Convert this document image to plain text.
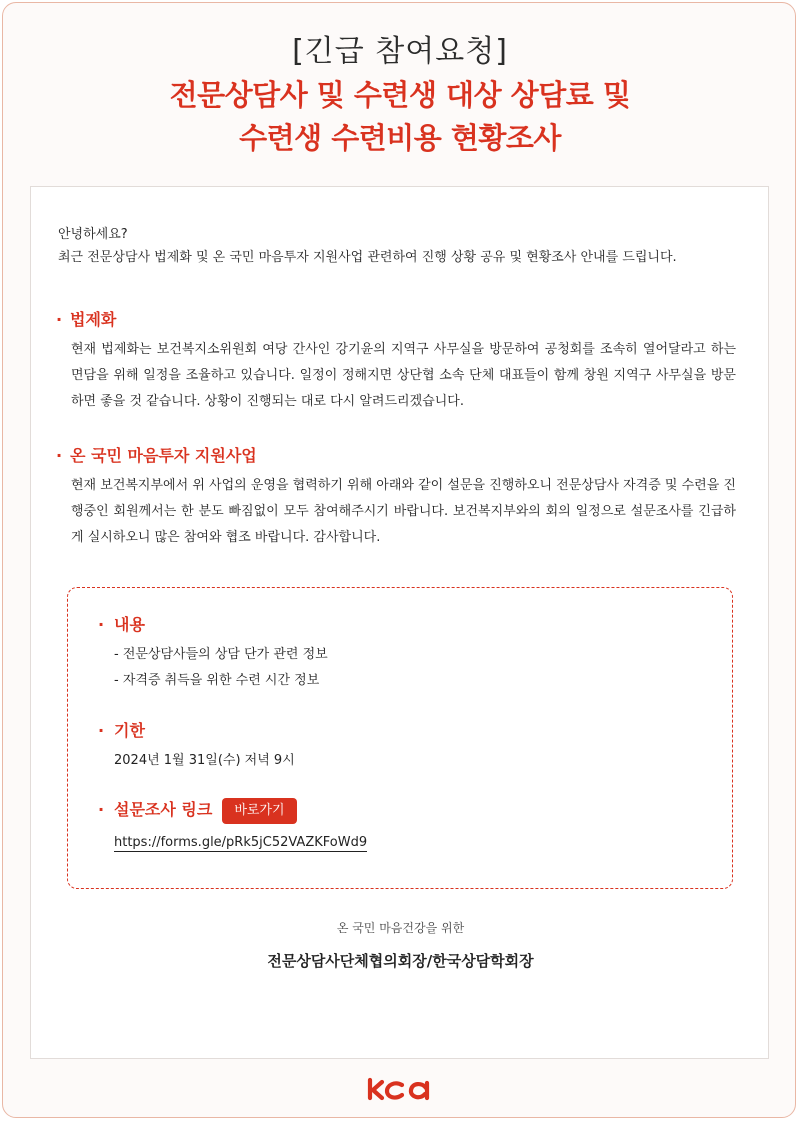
[긴급 참여요청]
전문상담사 및 수련생 대상 상담료 및
수련생 수련비용 현황조사
안녕하세요?
최근 전문상담사 법제화 및 온 국민 마음투자 지원사업 관련하여 진행 상황 공유 및 현황조사 안내를 드립니다.
· 법제화
현재 법제화는 보건복지소위원회 여당 간사인 강기윤의 지역구 사무실을 방문하여 공청회를 조속히 열어달라고 하는 면담을 위해 일정을 조율하고 있습니다. 일정이 정해지면 상단협 소속 단체 대표들이 함께 창원 지역구 사무실을 방문하면 좋을 것 같습니다. 상황이 진행되는 대로 다시 알려드리겠습니다.
· 온 국민 마음투자 지원사업
현재 보건복지부에서 위 사업의 운영을 협력하기 위해 아래와 같이 설문을 진행하오니 전문상담사 자격증 및 수련을 진행중인 회원께서는 한 분도 빠짐없이 모두 참여해주시기 바랍니다. 보건복지부와의 회의 일정으로 설문조사를 긴급하게 실시하오니 많은 참여와 협조 바랍니다. 감사합니다.
· 내용
- 전문상담사들의 상담 단가 관련 정보
- 자격증 취득을 위한 수련 시간 정보
· 기한
2024년 1월 31일(수) 저녁 9시
· 설문조사 링크 바로가기
https://forms.gle/pRk5jC52VAZKFoWd9
온 국민 마음건강을 위한
전문상담사단체협의회장/한국상담학회장
